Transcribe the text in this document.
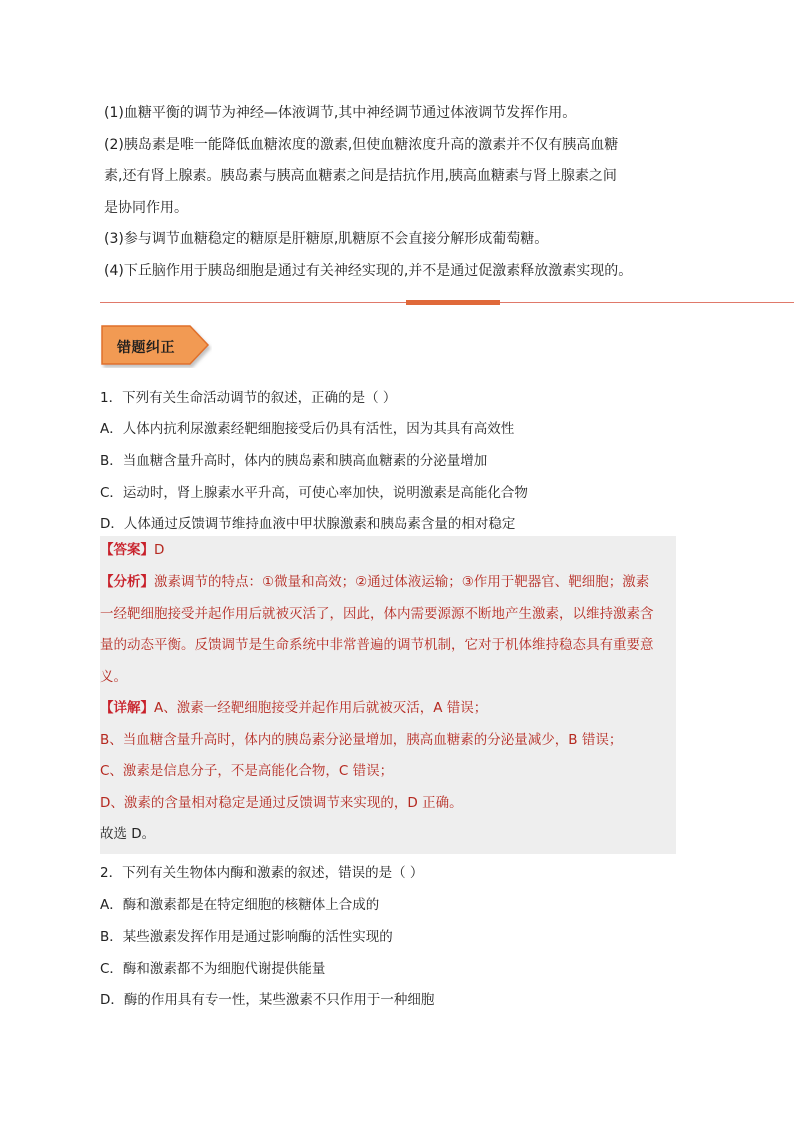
(1)血糖平衡的调节为神经—体液调节,其中神经调节通过体液调节发挥作用。

(2)胰岛素是唯一能降低血糖浓度的激素,但使血糖浓度升高的激素并不仅有胰高血糖

素,还有肾上腺素。胰岛素与胰高血糖素之间是拮抗作用,胰高血糖素与肾上腺素之间

是协同作用。

(3)参与调节血糖稳定的糖原是肝糖原,肌糖原不会直接分解形成葡萄糖。

(4)下丘脑作用于胰岛细胞是通过有关神经实现的,并不是通过促激素释放激素实现的。

错题纠正
1．下列有关生命活动调节的叙述，正确的是（ ）
A．人体内抗利尿激素经靶细胞接受后仍具有活性，因为其具有高效性
B．当血糖含量升高时，体内的胰岛素和胰高血糖素的分泌量增加
C．运动时，肾上腺素水平升高，可使心率加快，说明激素是高能化合物
D．人体通过反馈调节维持血液中甲状腺激素和胰岛素含量的相对稳定
【答案】D
【分析】激素调节的特点：①微量和高效；②通过体液运输；③作用于靶器官、靶细胞；激素
一经靶细胞接受并起作用后就被灭活了，因此，体内需要源源不断地产生激素，以维持激素含
量的动态平衡。反馈调节是生命系统中非常普遍的调节机制，它对于机体维持稳态具有重要意
义。
【详解】A、激素一经靶细胞接受并起作用后就被灭活，A 错误；
B、当血糖含量升高时，体内的胰岛素分泌量增加，胰高血糖素的分泌量减少，B 错误；
C、激素是信息分子，不是高能化合物，C 错误；
D、激素的含量相对稳定是通过反馈调节来实现的，D 正确。
故选 D。
2．下列有关生物体内酶和激素的叙述，错误的是（ ）
A．酶和激素都是在特定细胞的核糖体上合成的
B．某些激素发挥作用是通过影响酶的活性实现的
C．酶和激素都不为细胞代谢提供能量
D．酶的作用具有专一性，某些激素不只作用于一种细胞
